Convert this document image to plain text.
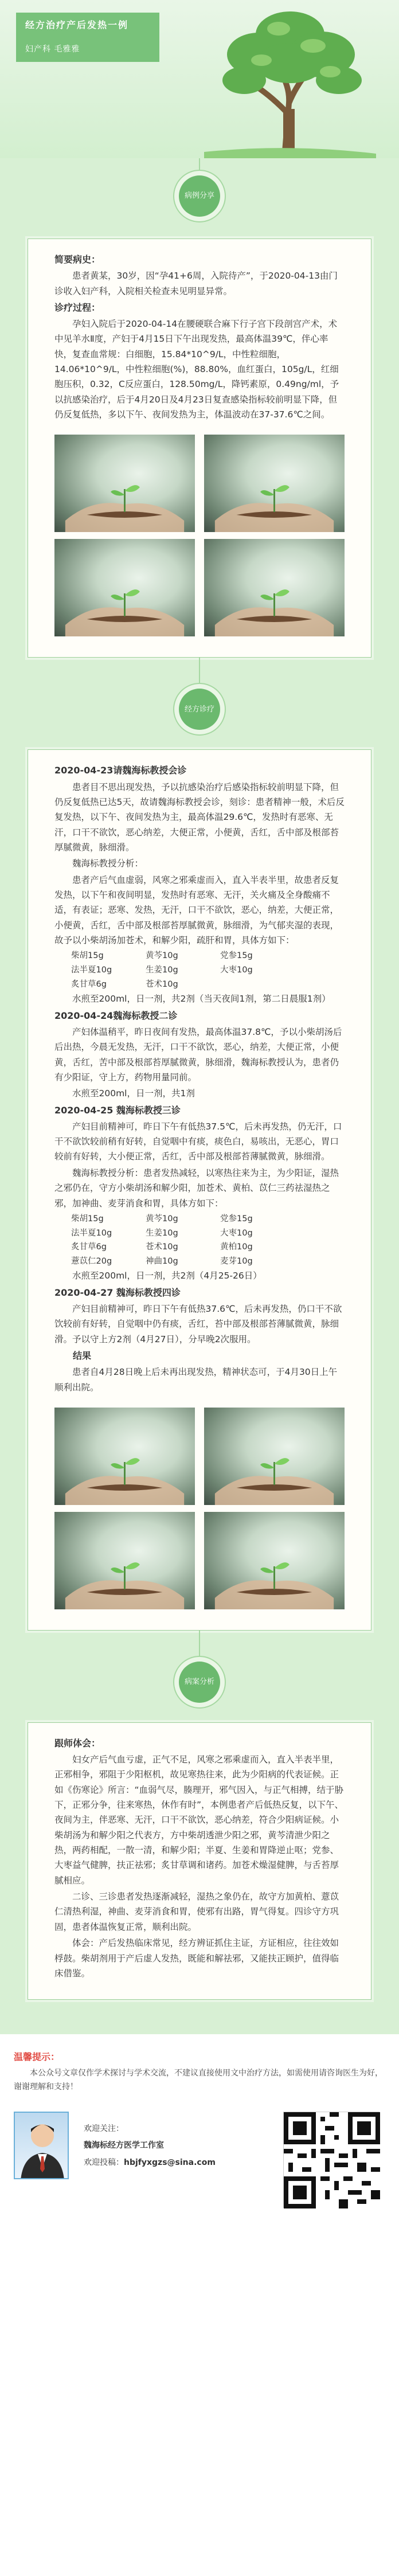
经方治疗产后发热一例
妇产科 毛雅雅
病例分享
简要病史：

患者黄某，30岁，因“孕41+6周，入院待产”，于2020-04-13由门诊收入妇产科，入院相关检查未见明显异常。

诊疗过程：

孕妇入院后于2020-04-14在腰硬联合麻下行子宫下段剖宫产术，术中见羊水Ⅱ度，产妇于4月15日下午出现发热，最高体温39℃，伴心率快，复查血常规：白细胞，15.84*10^9/L，中性粒细胞，14.06*10^9/L，中性粒细胞(%)，88.80%，血红蛋白，105g/L，红细胞压积，0.32，C反应蛋白，128.50mg/L，降钙素原，0.49ng/ml，予以抗感染治疗，后于4月20日及4月23日复查感染指标较前明显下降，但仍反复低热，多以下午、夜间发热为主，体温波动在37-37.6℃之间。

经方诊疗
2020-04-23请魏海标教授会诊

患者目不思出现发热，予以抗感染治疗后感染指标较前明显下降，但仍反复低热已达5天，故请魏海标教授会诊，刻诊：患者精神一般，术后反复发热，以下午、夜间发热为主，最高体温29.6℃，发热时有恶寒、无汗，口干不欲饮，恶心纳差，大便正常，小便黄，舌红，舌中部及根部苔厚腻微黄，脉细滑。

魏海标教授分析：

患者产后气血虚弱，风寒之邪乘虚而入，直入半表半里，故患者反复发热，以下午和夜间明显，发热时有恶寒、无汗，关火痛及全身酸痛不适，有表证；恶寒、发热，无汗，口干不欲饮，恶心，纳差，大便正常，小便黄，舌红，舌中部及根部苔厚腻微黄，脉细滑，为气郁夹湿的表现，故予以小柴胡汤加苍术，和解少阳，疏肝和胃，具体方如下：

柴胡15g	黄芩10g	党参15g
法半夏10g	生姜10g	大枣10g
炙甘草6g	苍术10g

水煎至200ml，日一剂，共2剂（当天夜间1剂，第二日晨服1剂）

2020-04-24魏海标教授二诊

产妇体温稍平，昨日夜间有发热，最高体温37.8℃，予以小柴胡汤后后出热，今晨无发热，无汗，口干不欲饮，恶心，纳差，大便正常，小便黄，舌红，苦中部及根部苔厚腻微黄，脉细滑，魏海标教授认为，患者仍有少阳证，守上方，药物用量同前。

水煎至200ml，日一剂，共1剂

2020-04-25 魏海标教授三诊

产妇目前精神可，昨日下午有低热37.5℃，后未再发热，仍无汗，口干不欲饮较前稍有好转，自觉咽中有痰，痰色白，易咳出，无恶心，胃口较前有好转，大小便正常，舌红，舌中部及根部苔薄腻微黄，脉细滑。

魏海标教授分析：患者发热减轻，以寒热往来为主，为少阳证，湿热之邪仍在，守方小柴胡汤和解少阳，加苍术、黄柏、苡仁三药祛湿热之邪，加神曲、麦芽消食和胃，具体方如下：

柴胡15g	黄芩10g	党参15g
法半夏10g	生姜10g	大枣10g
炙甘草6g	苍术10g	黄柏10g
薏苡仁20g	神曲10g	麦芽10g

水煎至200ml，日一剂，共2剂（4月25-26日）

2020-04-27 魏海标教授四诊

产妇目前精神可，昨日下午有低热37.6℃，后未再发热，仍口干不欲饮较前有好转，自觉咽中仍有痰，舌红，苔中部及根部苔薄腻微黄，脉细滑。予以守上方2剂（4月27日），分早晚2次服用。

结果

患者自4月28日晚上后未再出现发热，精神状态可，于4月30日上午顺利出院。

病案分析
跟师体会：

妇女产后气血亏虚，正气不足，风寒之邪乘虚而入，直入半表半里，正邪相争，邪阻于少阳枢机，故见寒热往来，此为少阳病的代表证候。正如《伤寒论》所言：“血弱气尽，腠理开，邪气因入，与正气相搏，结于胁下，正邪分争，往来寒热，休作有时”，本例患者产后低热反复，以下午、夜间为主，伴恶寒、无汗，口干不欲饮，恶心纳差，符合少阳病证候。小柴胡汤为和解少阳之代表方，方中柴胡透泄少阳之邪，黄芩清泄少阳之热，两药相配，一散一清，和解少阳；半夏、生姜和胃降逆止呕；党参、大枣益气健脾，扶正祛邪；炙甘草调和诸药。加苍术燥湿健脾，与舌苔厚腻相应。

二诊、三诊患者发热逐渐减轻，湿热之象仍在，故守方加黄柏、薏苡仁清热利湿，神曲、麦芽消食和胃，使邪有出路，胃气得复。四诊守方巩固，患者体温恢复正常，顺利出院。

体会：产后发热临床常见，经方辨证抓住主证，方证相应，往往效如桴鼓。柴胡剂用于产后虚人发热，既能和解祛邪，又能扶正顾护，值得临床借鉴。

温馨提示：
本公众号文章仅作学术探讨与学术交流，不建议直接使用文中治疗方法，如需使用请咨询医生为好，谢谢理解和支持！
欢迎关注：
魏海标经方医学工作室
欢迎投稿：hbjfyxgzs@sina.com
